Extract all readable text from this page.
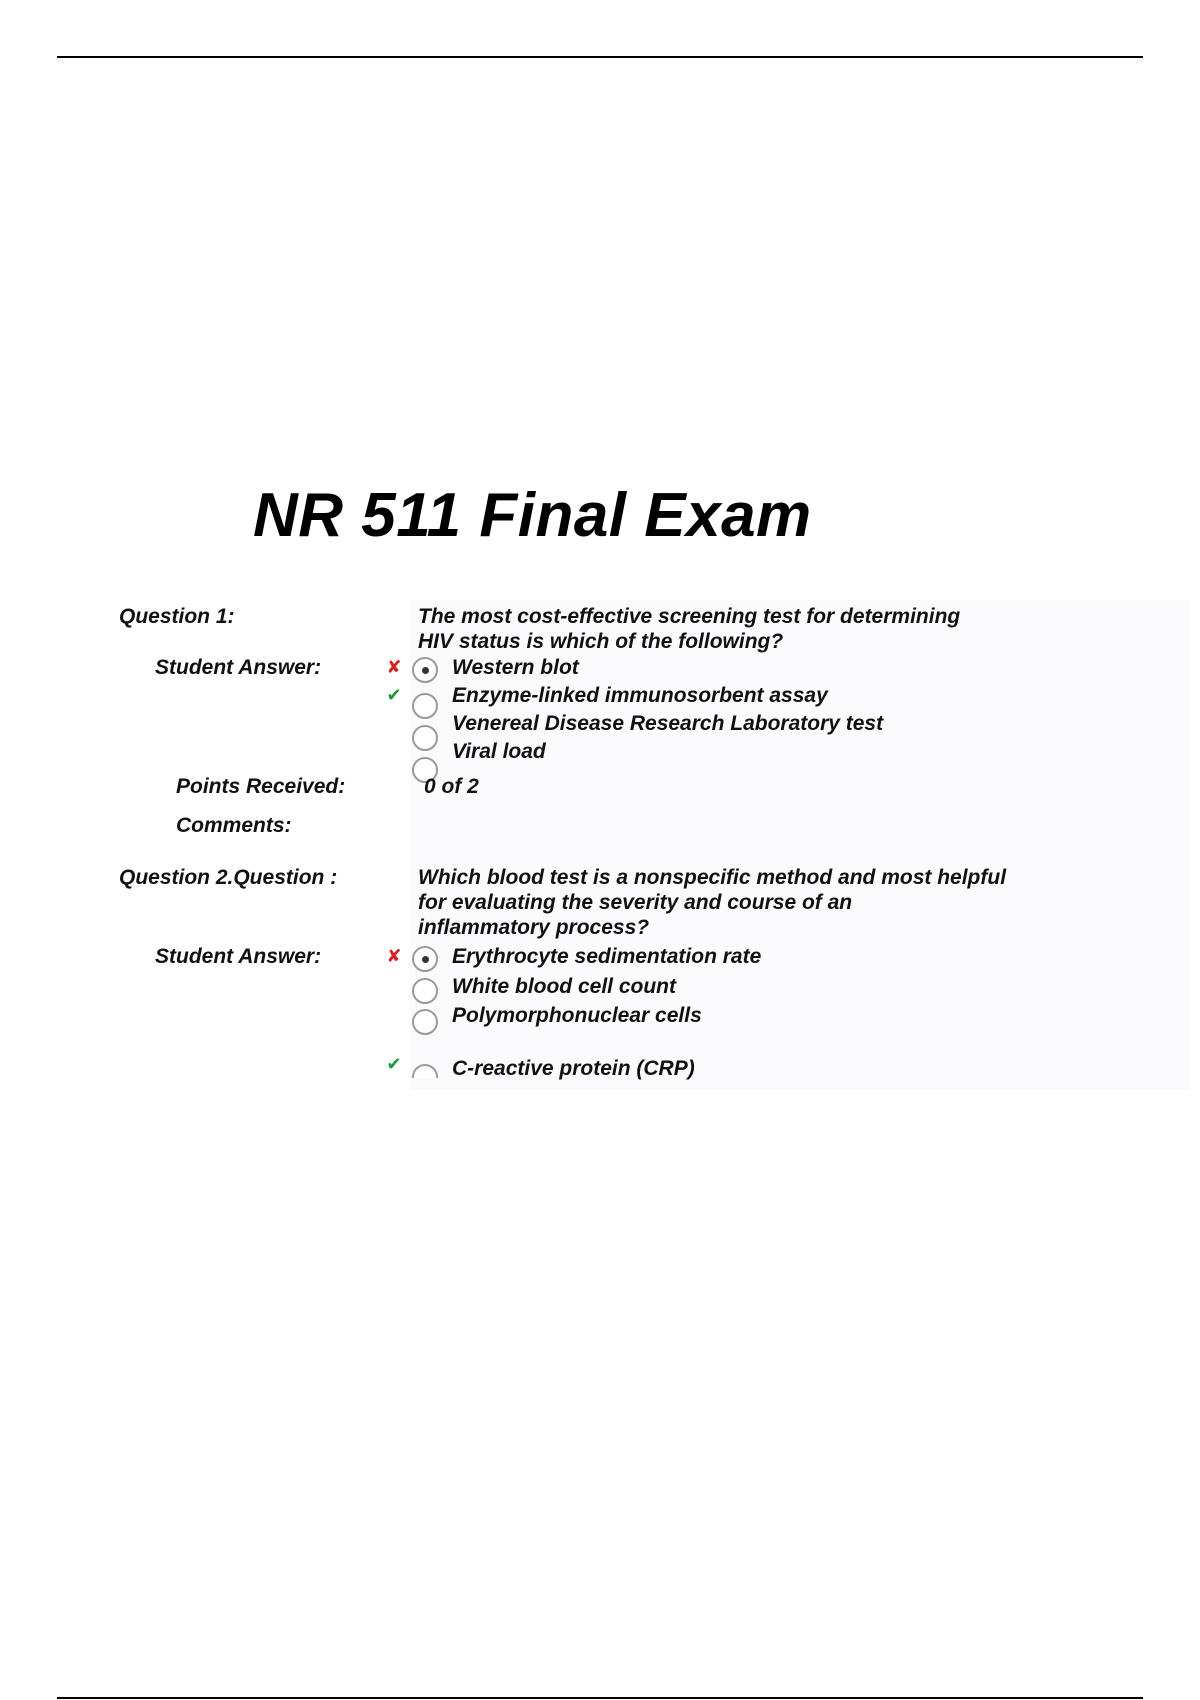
NR 511 Final Exam
Question 1:	The most cost-effective screening test for determining
HIV status is which of the following?
Student Answer:	✘ Western blot
✔ Enzyme-linked immunosorbent assay
Venereal Disease Research Laboratory test
Viral load
Points Received:	0 of 2
Comments:
Question 2.Question :	Which blood test is a nonspecific method and most helpful
for evaluating the severity and course of an
inflammatory process?
Student Answer:	✘ Erythrocyte sedimentation rate
White blood cell count
Polymorphonuclear cells
✔ C-reactive protein (CRP)
